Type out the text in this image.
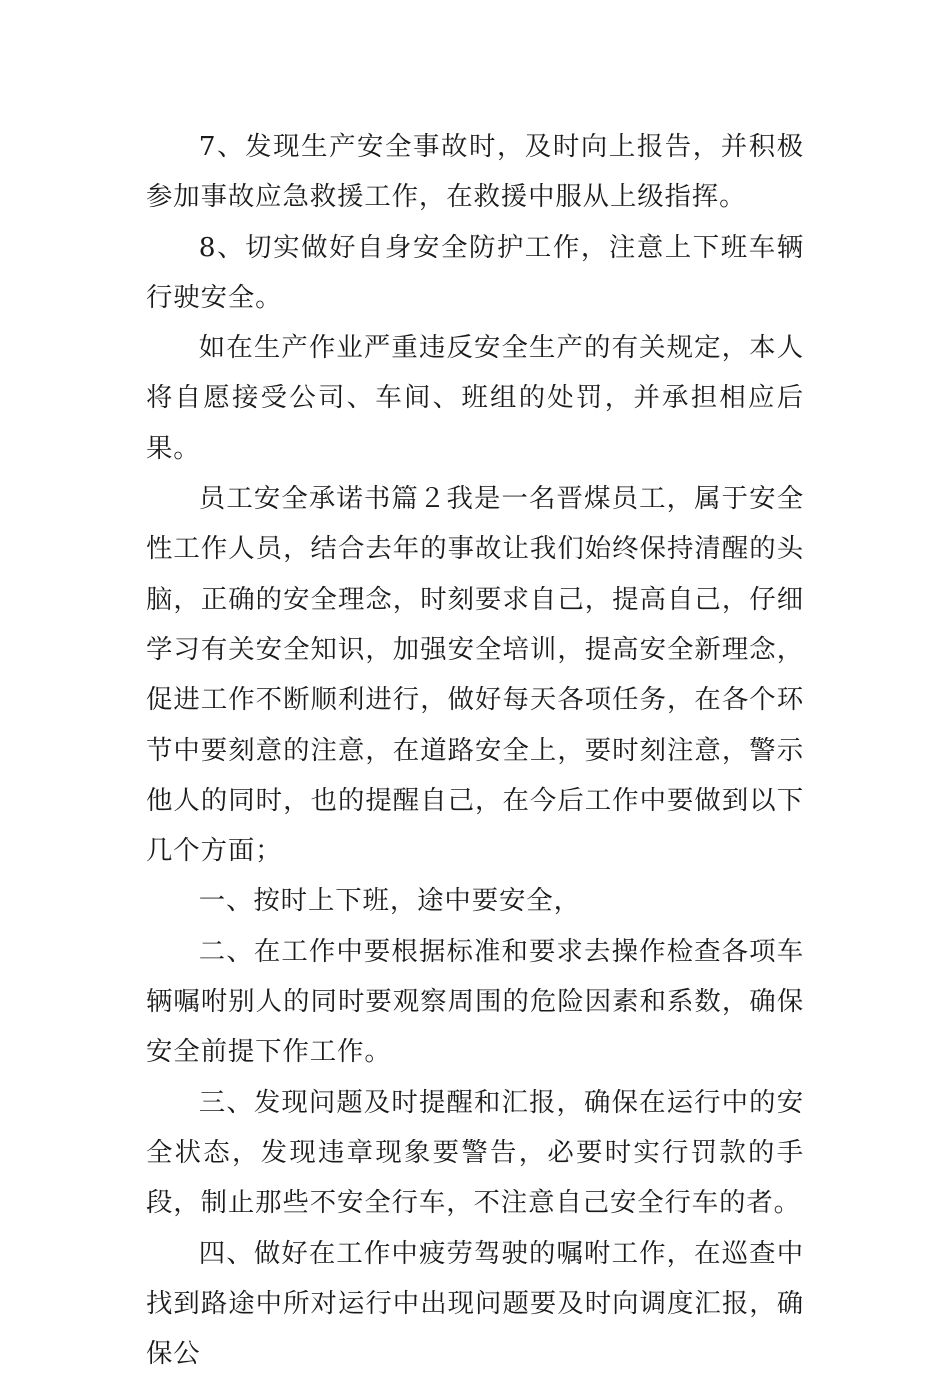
7、发现生产安全事故时，及时向上报告，并积极参加事故应急救援工作，在救援中服从上级指挥。

8、切实做好自身安全防护工作，注意上下班车辆行驶安全。

如在生产作业严重违反安全生产的有关规定，本人将自愿接受公司、车间、班组的处罚，并承担相应后果。

员工安全承诺书篇２我是一名晋煤员工，属于安全性工作人员，结合去年的事故让我们始终保持清醒的头脑，正确的安全理念，时刻要求自己，提高自己，仔细学习有关安全知识，加强安全培训，提高安全新理念，促进工作不断顺利进行，做好每天各项任务，在各个环节中要刻意的注意，在道路安全上，要时刻注意，警示他人的同时，也的提醒自己，在今后工作中要做到以下几个方面；

一、按时上下班，途中要安全，

二、在工作中要根据标准和要求去操作检查各项车辆嘱咐别人的同时要观察周围的危险因素和系数，确保安全前提下作工作。

三、发现问题及时提醒和汇报，确保在运行中的安全状态，发现违章现象要警告，必要时实行罚款的手段，制止那些不安全行车，不注意自己安全行车的者。

四、做好在工作中疲劳驾驶的嘱咐工作，在巡查中找到路途中所对运行中出现问题要及时向调度汇报，确保公
